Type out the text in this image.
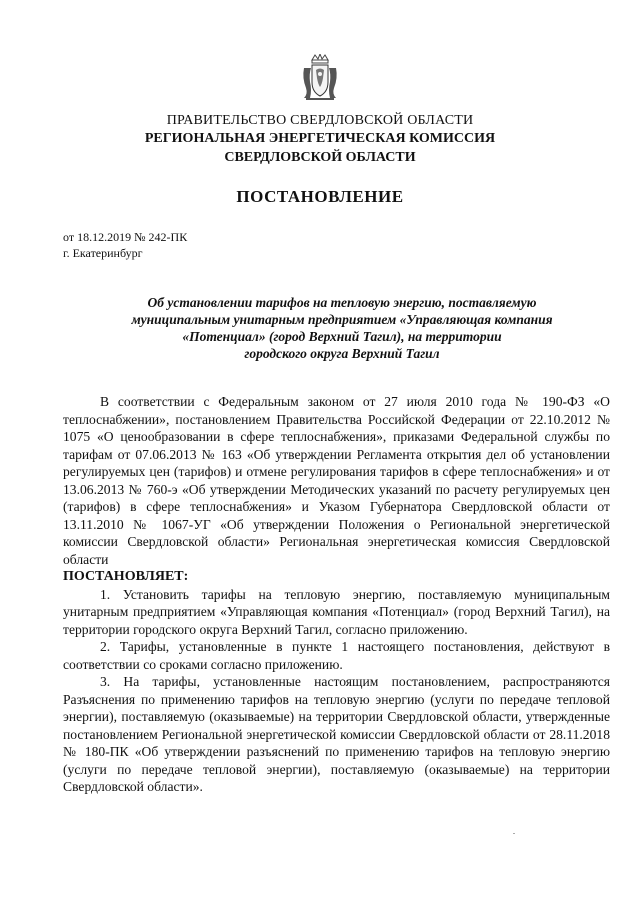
ПРАВИТЕЛЬСТВО СВЕРДЛОВСКОЙ ОБЛАСТИ
РЕГИОНАЛЬНАЯ ЭНЕРГЕТИЧЕСКАЯ КОМИССИЯ
СВЕРДЛОВСКОЙ ОБЛАСТИ
ПОСТАНОВЛЕНИЕ
от 18.12.2019 № 242-ПК
г. Екатеринбург
Об установлении тарифов на тепловую энергию, поставляемую
муниципальным унитарным предприятием «Управляющая компания
«Потенциал» (город Верхний Тагил), на территории
городского округа Верхний Тагил

В соответствии с Федеральным законом от 27 июля 2010 года № 190-ФЗ «О теплоснабжении», постановлением Правительства Российской Федерации от 22.10.2012 № 1075 «О ценообразовании в сфере теплоснабжения», приказами Федеральной службы по тарифам от 07.06.2013 № 163 «Об утверждении Регламента открытия дел об установлении регулируемых цен (тарифов) и отмене регулирования тарифов в сфере теплоснабжения» и от 13.06.2013 № 760-э «Об утверждении Методических указаний по расчету регулируемых цен (тарифов) в сфере теплоснабжения» и Указом Губернатора Свердловской области от 13.11.2010 № 1067-УГ «Об утверждении Положения о Региональной энергетической комиссии Свердловской области» Региональная энергетическая комиссия Свердловской области

ПОСТАНОВЛЯЕТ:

1. Установить тарифы на тепловую энергию, поставляемую муниципальным унитарным предприятием «Управляющая компания «Потенциал» (город Верхний Тагил), на территории городского округа Верхний Тагил, согласно приложению.

2. Тарифы, установленные в пункте 1 настоящего постановления, действуют в соответствии со сроками согласно приложению.

3. На тарифы, установленные настоящим постановлением, распространяются Разъяснения по применению тарифов на тепловую энергию (услуги по передаче тепловой энергии), поставляемую (оказываемые) на территории Свердловской области, утвержденные постановлением Региональной энергетической комиссии Свердловской области от 28.11.2018 № 180-ПК «Об утверждении разъяснений по применению тарифов на тепловую энергию (услуги по передаче тепловой энергии), поставляемую (оказываемые) на территории Свердловской области».
